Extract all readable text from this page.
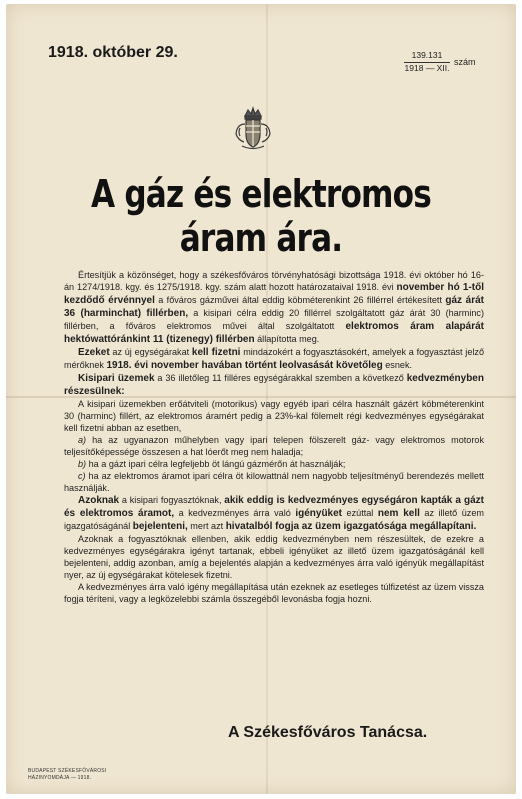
1918. október 29.	139.131
1918 — XII.
szám
A gáz és elektromos áram ára.

Értesítjük a közönséget, hogy a székesfőváros törvényhatósági bizottsága 1918. évi október hó 16-án 1274/1918. kgy. és 1275/1918. kgy. szám alatt hozott határozataival 1918. évi november hó 1-től kezdődő érvénnyel a főváros gázművei által eddig köbméterenkint 26 fillérrel értékesített gáz árát 36 (harminchat) fillérben, a kisipari célra eddig 20 fillérrel szolgáltatott gáz árát 30 (harminc) fillérben, a főváros elektromos művei által szolgáltatott elektromos áram alapárát hektówattóránkint 11 (tizenegy) fillérben állapította meg.

Ezeket az új egységárakat kell fizetni mindazokért a fogyasztásokért, amelyek a fogyasztást jelző mérőknek 1918. évi november havában történt leolvasását követőleg esnek.

Kisipari üzemek a 36 illetőleg 11 filléres egységárakkal szemben a következő kedvezményben részesülnek:

A kisipari üzemekben erőátviteli (motorikus) vagy egyéb ipari célra használt gázért köbméterenkint 30 (harminc) fillért, az elektromos áramért pedig a 23%-kal fölemelt régi kedvezményes egységárakat kell fizetni abban az esetben,

a) ha az ugyanazon műhelyben vagy ipari telepen fölszerelt gáz- vagy elektromos motorok teljesítőképessége összesen a hat lóerőt meg nem haladja;

b) ha a gázt ipari célra legfeljebb öt lángú gázmérőn át használják;

c) ha az elektromos áramot ipari célra öt kilowattnál nem nagyobb teljesítményű berendezés mellett használják.

Azoknak a kisipari fogyasztóknak, akik eddig is kedvezményes egységáron kapták a gázt és elektromos áramot, a kedvezményes árra való igényüket ezúttal nem kell az illető üzem igazgatóságánál bejelenteni, mert azt hivatalból fogja az üzem igazgatósága megállapítani.

Azoknak a fogyasztóknak ellenben, akik eddig kedvezményben nem részesültek, de ezekre a kedvezményes egységárakra igényt tartanak, ebbeli igényüket az illető üzem igazgatóságánál kell bejelenteni, addig azonban, amíg a bejelentés alapján a kedvezményes árra való igényük megállapítást nyer, az új egységárakat kötelesek fizetni.

A kedvezményes árra való igény megállapítása után ezeknek az esetleges túlfizetést az üzem vissza fogja téríteni, vagy a legközelebbi számla összegéből levonásba fogja hozni.

A Székesfőváros Tanácsa.
BUDAPEST SZÉKESFŐVÁROSI
HÁZINYOMDÁJA — 1918.
